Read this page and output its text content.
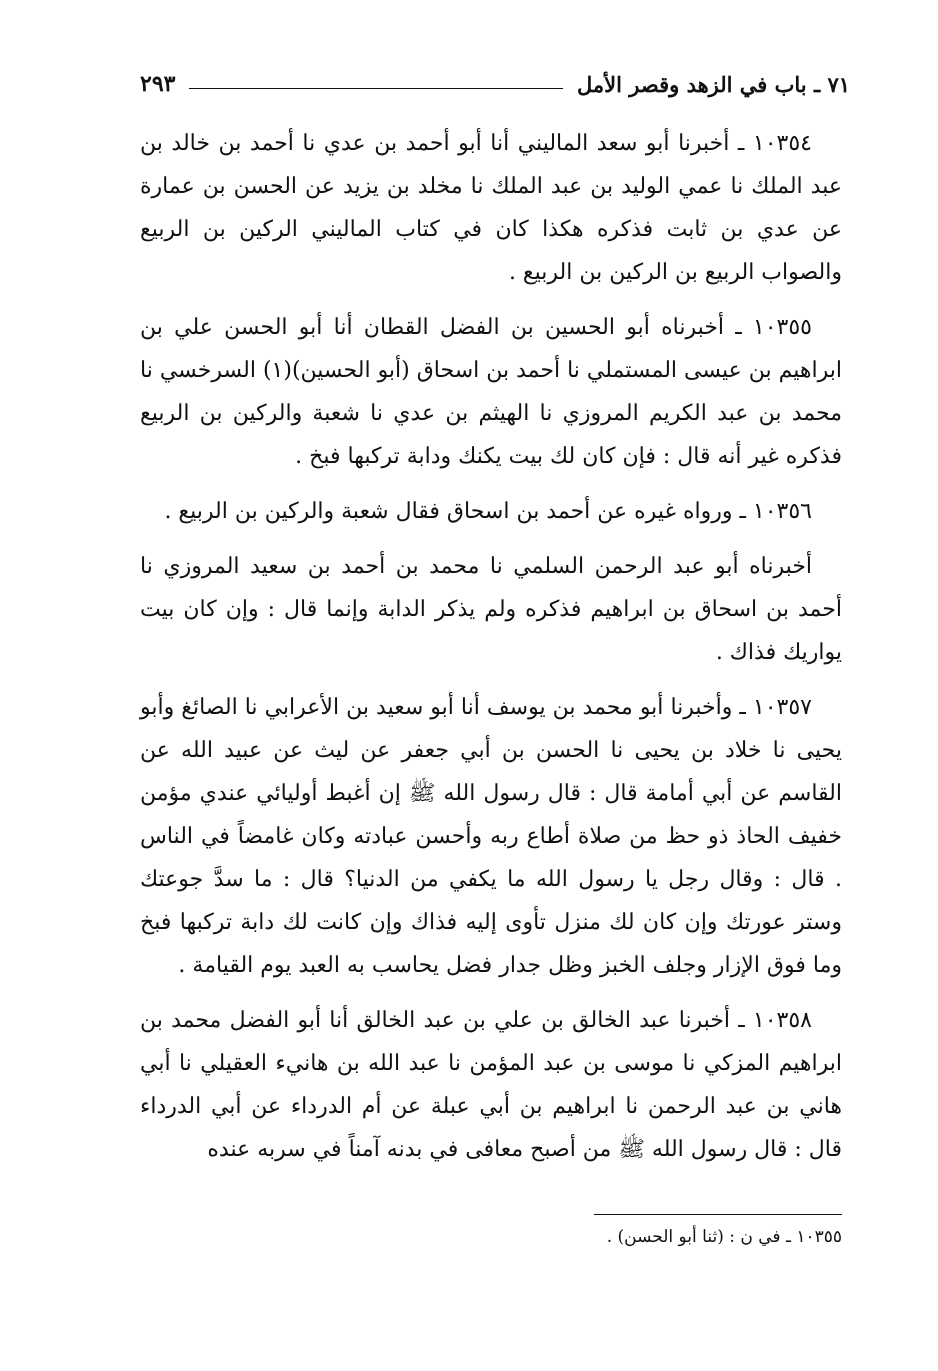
٧١ ـ باب في الزهد وقصر الأمل
٢٩٣

١٠٣٥٤ ـ أخبرنا أبو سعد الماليني أنا أبو أحمد بن عدي نا أحمد بن خالد بن عبد الملك نا عمي الوليد بن عبد الملك نا مخلد بن يزيد عن الحسن بن عمارة عن عدي بن ثابت فذكره هكذا كان في كتاب الماليني الركين بن الربيع والصواب الربيع بن الركين بن الربيع .

١٠٣٥٥ ـ أخبرناه أبو الحسين بن الفضل القطان أنا أبو الحسن علي بن ابراهيم بن عيسى المستملي نا أحمد بن اسحاق (أبو الحسين)(١) السرخسي نا محمد بن عبد الكريم المروزي نا الهيثم بن عدي نا شعبة والركين بن الربيع فذكره غير أنه قال : فإن كان لك بيت يكنك ودابة تركبها فبخ .

١٠٣٥٦ ـ ورواه غيره عن أحمد بن اسحاق فقال شعبة والركين بن الربيع .

أخبرناه أبو عبد الرحمن السلمي نا محمد بن أحمد بن سعيد المروزي نا أحمد بن اسحاق بن ابراهيم فذكره ولم يذكر الدابة وإنما قال : وإن كان بيت يواريك فذاك .

١٠٣٥٧ ـ وأخبرنا أبو محمد بن يوسف أنا أبو سعيد بن الأعرابي نا الصائغ وأبو يحيى نا خلاد بن يحيى نا الحسن بن أبي جعفر عن ليث عن عبيد الله عن القاسم عن أبي أمامة قال : قال رسول الله ﷺ إن أغبط أوليائي عندي مؤمن خفيف الحاذ ذو حظ من صلاة أطاع ربه وأحسن عبادته وكان غامضاً في الناس . قال : وقال رجل يا رسول الله ما يكفي من الدنيا؟ قال : ما سدَّ جوعتك وستر عورتك وإن كان لك منزل تأوى إليه فذاك وإن كانت لك دابة تركبها فبخ وما فوق الإزار وجلف الخبز وظل جدار فضل يحاسب به العبد يوم القيامة .

١٠٣٥٨ ـ أخبرنا عبد الخالق بن علي بن عبد الخالق أنا أبو الفضل محمد بن ابراهيم المزكي نا موسى بن عبد المؤمن نا عبد الله بن هانيء العقيلي نا أبي هاني بن عبد الرحمن نا ابراهيم بن أبي عبلة عن أم الدرداء عن أبي الدرداء قال : قال رسول الله ﷺ من أصبح معافى في بدنه آمناً في سربه عنده

١٠٣٥٥ ـ في ن : (ثنا أبو الحسن) .
